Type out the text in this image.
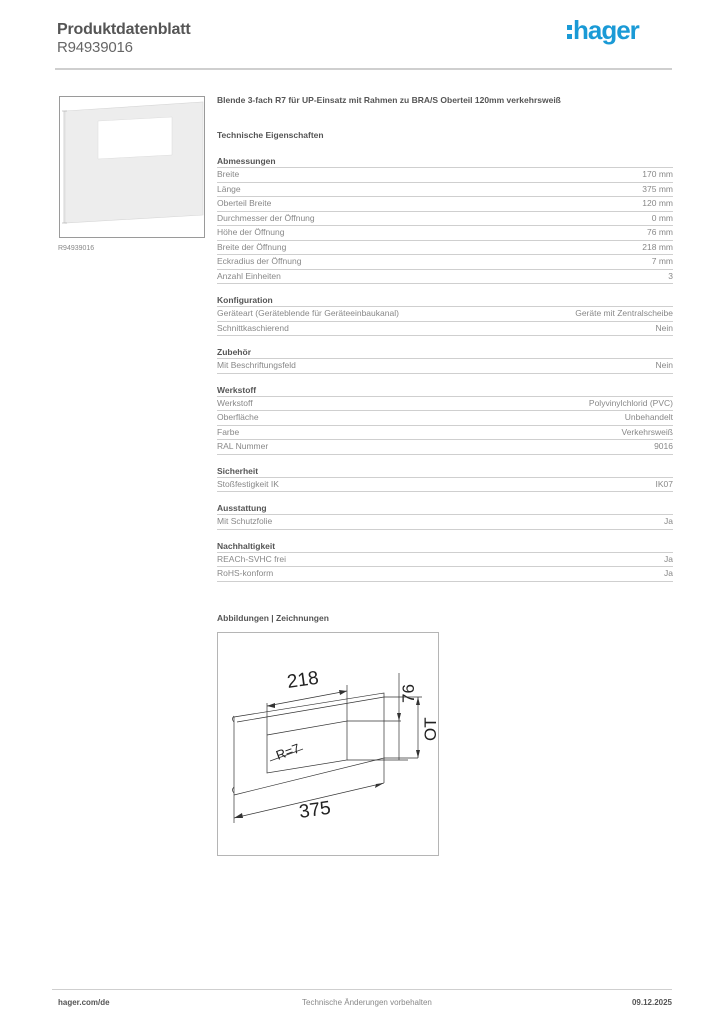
Produktdatenblatt
R94939016
hager
R94939016
Blende 3-fach R7 für UP-Einsatz mit Rahmen zu BRA/S Oberteil 120mm verkehrsweiß
Technische Eigenschaften
Abmessungen
Breite	170 mm
Länge	375 mm
Oberteil Breite	120 mm
Durchmesser der Öffnung	0 mm
Höhe der Öffnung	76 mm
Breite der Öffnung	218 mm
Eckradius der Öffnung	7 mm
Anzahl Einheiten	3
Konfiguration
Geräteart (Geräteblende für Geräteeinbaukanal)	Geräte mit Zentralscheibe
Schnittkaschierend	Nein
Zubehör
Mit Beschriftungsfeld	Nein
Werkstoff
Werkstoff	Polyvinylchlorid (PVC)
Oberfläche	Unbehandelt
Farbe	Verkehrsweiß
RAL Nummer	9016
Sicherheit
Stoßfestigkeit IK	IK07
Ausstattung
Mit Schutzfolie	Ja
Nachhaltigkeit
REACh-SVHC frei	Ja
RoHS-konform	Ja
Abbildungen | Zeichnungen
218
375
R=7
76
OT
hager.com/de	Technische Änderungen vorbehalten	09.12.2025
